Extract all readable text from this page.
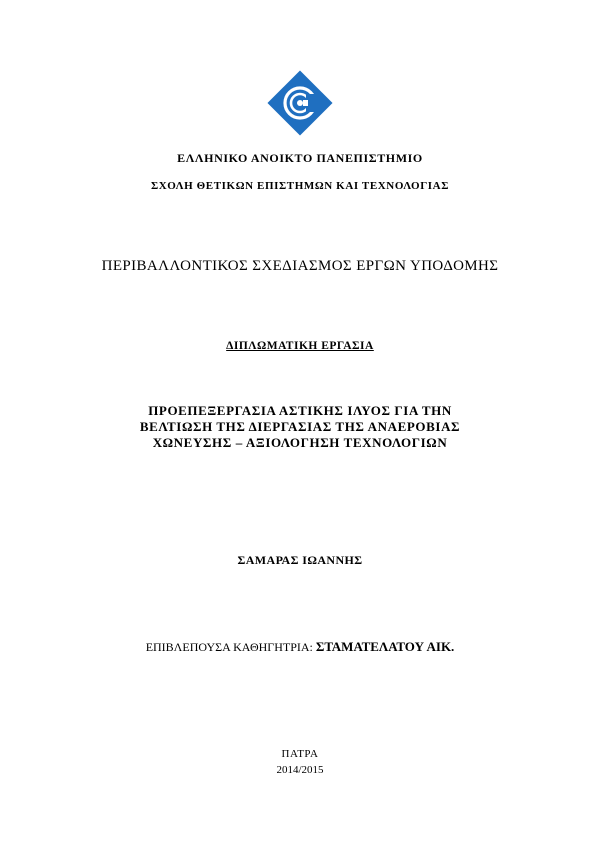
ΕΛΛΗΝΙΚΟ ΑΝΟΙΚΤΟ ΠΑΝΕΠΙΣΤΗΜΙΟ
ΣΧΟΛΗ ΘΕΤΙΚΩΝ ΕΠΙΣΤΗΜΩΝ ΚΑΙ ΤΕΧΝΟΛΟΓΙΑΣ
ΠΕΡΙΒΑΛΛΟΝΤΙΚΟΣ ΣΧΕΔΙΑΣΜΟΣ ΕΡΓΩΝ ΥΠΟΔΟΜΗΣ
ΔΙΠΛΩΜΑΤΙΚΗ ΕΡΓΑΣΙΑ
ΠΡΟΕΠΕΞΕΡΓΑΣΙΑ ΑΣΤΙΚΗΣ ΙΛΥΟΣ ΓΙΑ ΤΗΝ
ΒΕΛΤΙΩΣΗ ΤΗΣ ΔΙΕΡΓΑΣΙΑΣ ΤΗΣ ΑΝΑΕΡΟΒΙΑΣ
ΧΩΝΕΥΣΗΣ – ΑΞΙΟΛΟΓΗΣΗ ΤΕΧΝΟΛΟΓΙΩΝ
ΣΑΜΑΡΑΣ ΙΩΑΝΝΗΣ
ΕΠΙΒΛΕΠΟΥΣΑ ΚΑΘΗΓΗΤΡΙΑ: ΣΤΑΜΑΤΕΛΑΤΟΥ ΑΙΚ.
ΠΑΤΡΑ
2014/2015
